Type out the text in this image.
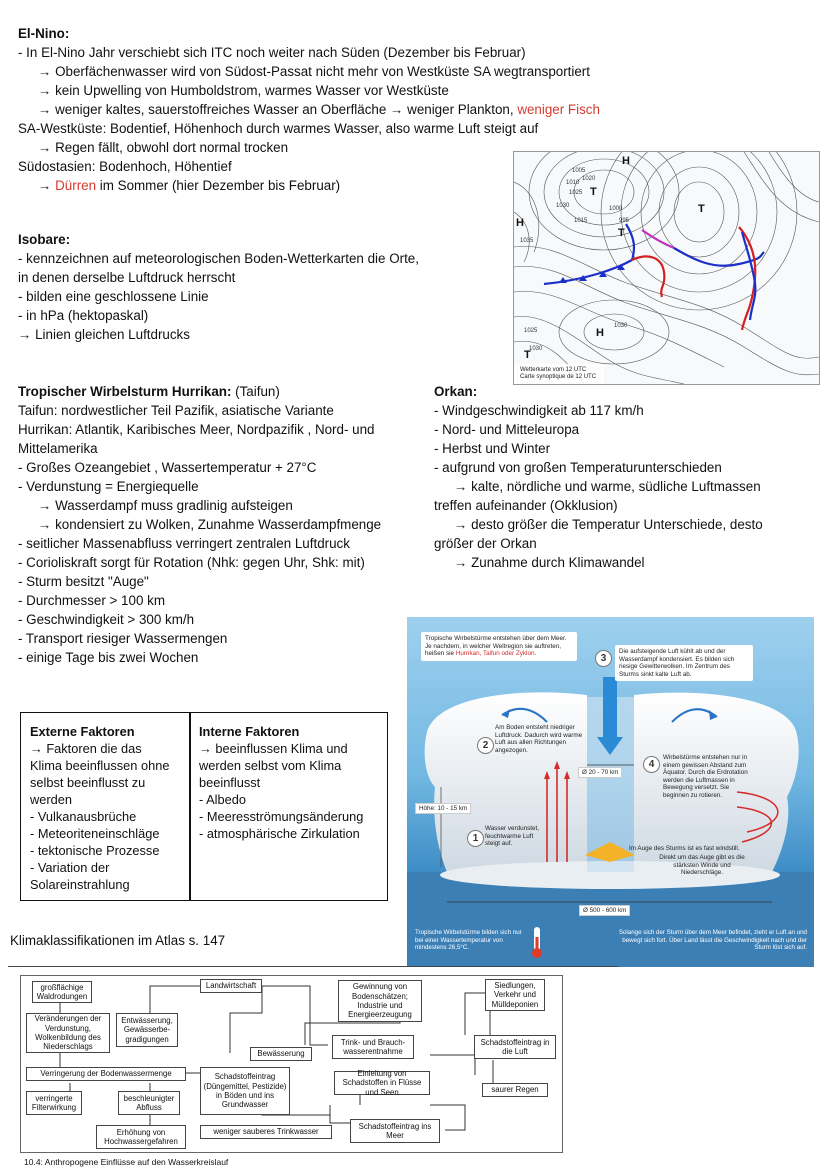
El-Nino:
- In El-Nino Jahr verschiebt sich ITC noch weiter nach Süden (Dezember bis Februar)
→ Oberfächenwasser wird von Südost-Passat nicht mehr von Westküste SA wegtransportiert
→ kein Upwelling von Humboldstrom, warmes Wasser vor Westküste
→ weniger kaltes, sauerstoffreiches Wasser an Oberfläche → weniger Plankton, weniger Fisch
SA-Westküste: Bodentief, Höhenhoch durch warmes Wasser, also warme Luft steigt auf
→ Regen fällt, obwohl dort normal trocken
Südostasien: Bodenhoch, Höhentief
→ Dürren im Sommer (hier Dezember bis Februar)
Isobare:
- kennzeichnen auf meteorologischen Boden-Wetterkarten die Orte,
in denen derselbe Luftdruck herrscht
- bilden eine geschlossene Linie
- in hPa (hektopaskal)
→ Linien gleichen Luftdrucks
1025
1030
1020
1015
1010
1005
1000
995
1025
1030
1035
1030
H
T
T
H
T
H
T
Wetterkarte vom 12 UTC
Carte synoptique de 12 UTC
Tropischer Wirbelsturm Hurrikan: (Taifun)
Taifun: nordwestlicher Teil Pazifik, asiatische Variante
Hurrikan: Atlantik, Karibisches Meer, Nordpazifik , Nord- und
Mittelamerika
- Großes Ozeangebiet , Wassertemperatur + 27°C
- Verdunstung = Energiequelle
→ Wasserdampf muss gradlinig aufsteigen
→ kondensiert zu Wolken, Zunahme Wasserdampfmenge
- seitlicher Massenabfluss verringert zentralen Luftdruck
- Corioliskraft sorgt für Rotation (Nhk: gegen Uhr, Shk: mit)
- Sturm besitzt "Auge"
- Durchmesser > 100 km
- Geschwindigkeit > 300 km/h
- Transport riesiger Wassermengen
- einige Tage bis zwei Wochen
Orkan:
- Windgeschwindigkeit ab 117 km/h
- Nord- und Mitteleuropa
- Herbst und Winter
- aufgrund von großen Temperaturunterschieden
→ kalte, nördliche und warme, südliche Luftmassen
treffen aufeinander (Okklusion)
→ desto größer die Temperatur Unterschiede, desto
größer der Orkan
→ Zunahme durch Klimawandel
Tropische Wirbelstürme entstehen über dem Meer. Je nachdem, in welcher Weltregion sie auftreten, heißen sie Hurrikan, Taifun oder Zyklon.	3
Die aufsteigende Luft kühlt ab und der Wasserdampf kondensiert. Es bilden sich riesige Gewitterwolken. Im Zentrum des Sturms sinkt kalte Luft ab.
2
Am Boden entsteht niedriger Luftdruck. Dadurch wird warme Luft aus allen Richtungen angezogen.
4
Wirbelstürme entstehen nur in einem gewissen Abstand zum Äquator. Durch die Erdrotation werden die Luftmassen in Bewegung versetzt. Sie beginnen zu rotieren.
1
Wasser verdunstet, feuchtwarme Luft steigt auf.
Höhe: 10 - 15 km
Ø 20 - 70 km
Im Auge des Sturms ist es fast windstill.
Direkt um das Auge gibt es die stärksten Winde und Niederschläge.
Ø 500 - 600 km
Tropische Wirbelstürme bilden sich nur bei einer Wassertemperatur von mindestens 26,5°C.
Solange sich der Sturm über dem Meer befindet, zieht er Luft an und bewegt sich fort. Über Land lässt die Geschwindigkeit nach und der Sturm löst sich auf.
Externe Faktoren
→ Faktoren die das
Klima beeinflussen ohne
selbst beeinflusst zu
werden
- Vulkanausbrüche
- Meteoriteneinschläge
- tektonische Prozesse
- Variation der
Solareinstrahlung
Interne Faktoren
→ beeinflussen Klima und
werden selbst vom Klima
beeinflusst
- Albedo
- Meeresströmungsänderung
- atmosphärische Zirkulation
Klimaklassifikationen im Atlas s. 147
großflächige Waldrodungen
Landwirtschaft	Gewinnung von Bodenschätzen; Industrie und Energieerzeugung
Siedlungen, Verkehr und Mülldeponien
Veränderungen der Verdunstung, Wolkenbildung des Niederschlags
Entwässerung, Gewässerbe-gradigungen	Trink- und Brauch-wasserentnahme
Schadstoffeintrag in die Luft
Bewässerung
Verringerung der Bodenwassermenge	Schadstoffeintrag (Düngemittel, Pestizide) in Böden und ins Grundwasser
Einleitung von Schadstoffen in Flüsse und Seen	saurer Regen
verringerte Filterwirkung
beschleunigter Abfluss
Erhöhung von Hochwassergefahren
weniger sauberes Trinkwasser
Schadstoffeintrag ins Meer
10.4: Anthropogene Einflüsse auf den Wasserkreislauf
